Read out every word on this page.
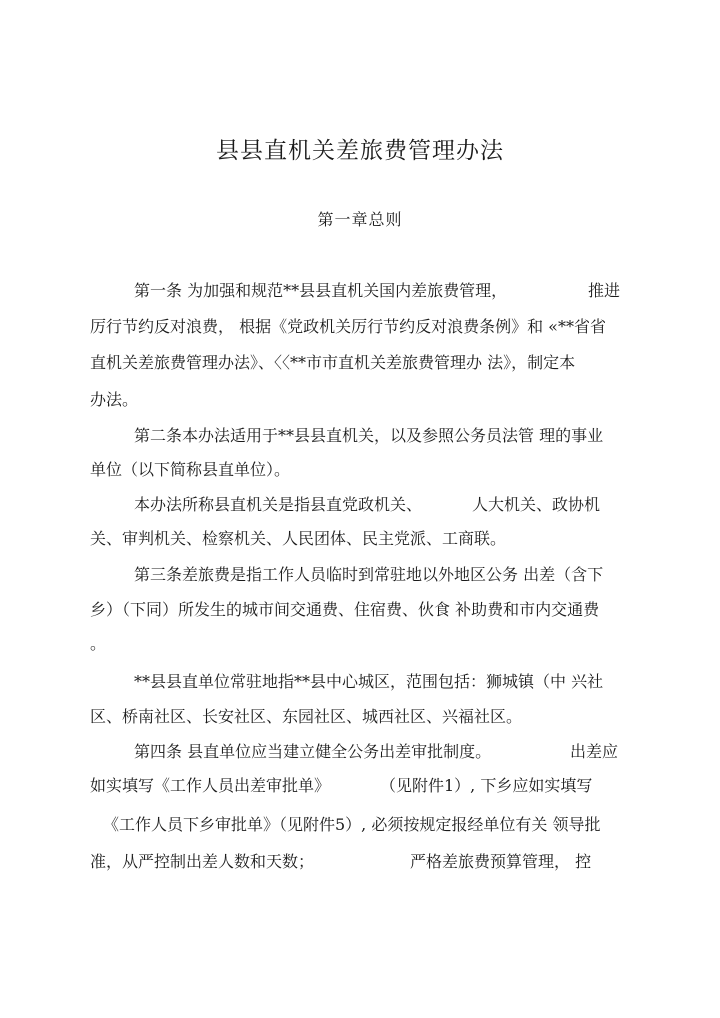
县县直机关差旅费管理办法
第一章总则
第一条 为加强和规范**县县直机关国内差旅费管理，	推进
厉行节约反对浪费， 根据《党政机关厉行节约反对浪费条例》和 «**省省
直机关差旅费管理办法》、〈〈**市市直机关差旅费管理办 法》，制定本
办法。
第二条本办法适用于**县县直机关，以及参照公务员法管 理的事业
单位（以下简称县直单位）。
本办法所称县直机关是指县直党政机关、	人大机关、政协机
关、审判机关、检察机关、人民团体、民主党派、工商联。
第三条差旅费是指工作人员临时到常驻地以外地区公务 出差（含下
乡）（下同）所发生的城市间交通费、住宿费、伙食 补助费和市内交通费
。
**县县直单位常驻地指**县中心城区，范围包括：狮城镇（中 兴社
区、桥南社区、长安社区、东园社区、城西社区、兴福社区。
第四条 县直单位应当建立健全公务出差审批制度。	出差应
如实填写《工作人员出差审批单》	（见附件1）, 下乡应如实填写
《工作人员下乡审批单》（见附件5）, 必须按规定报经单位有关 领导批
准，从严控制出差人数和天数；	严格差旅费预算管理， 控
